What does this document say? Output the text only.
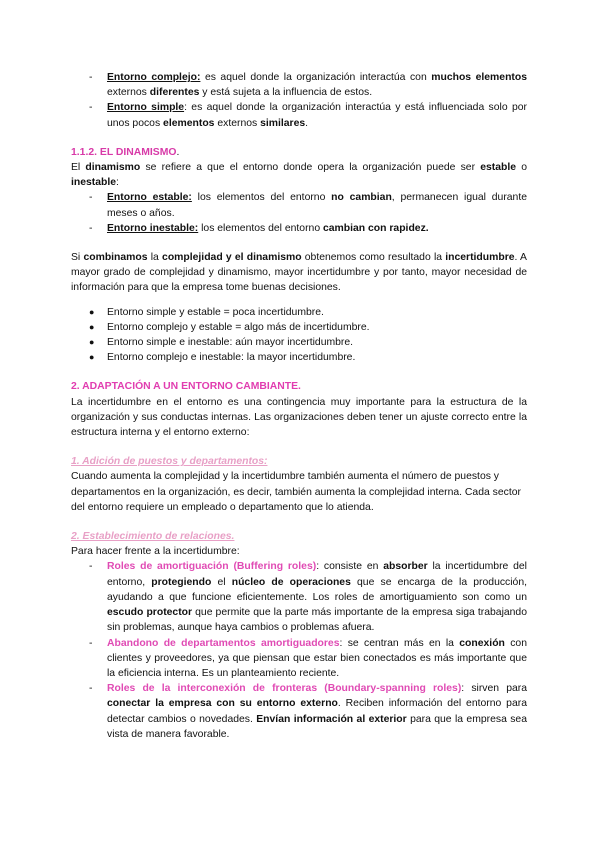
-	Entorno complejo: es aquel donde la organización interactúa con muchos elementos externos diferentes y está sujeta a la influencia de estos.
-	Entorno simple: es aquel donde la organización interactúa y está influenciada solo por unos pocos elementos externos similares.
1.1.2. EL DINAMISMO.
El dinamismo se refiere a que el entorno donde opera la organización puede ser estable o inestable:
-	Entorno estable: los elementos del entorno no cambian, permanecen igual durante meses o años.
-	Entorno inestable: los elementos del entorno cambian con rapidez.
Si combinamos la complejidad y el dinamismo obtenemos como resultado la incertidumbre. A mayor grado de complejidad y dinamismo, mayor incertidumbre y por tanto, mayor necesidad de información para que la empresa tome buenas decisiones.
●	Entorno simple y estable = poca incertidumbre.
●	Entorno complejo y estable = algo más de incertidumbre.
●	Entorno simple e inestable: aún mayor incertidumbre.
●	Entorno complejo e inestable: la mayor incertidumbre.
2. ADAPTACIÓN A UN ENTORNO CAMBIANTE.
La incertidumbre en el entorno es una contingencia muy importante para la estructura de la organización y sus conductas internas. Las organizaciones deben tener un ajuste correcto entre la estructura interna y el entorno externo:
1. Adición de puestos y departamentos:
Cuando aumenta la complejidad y la incertidumbre también aumenta el número de puestos y departamentos en la organización, es decir, también aumenta la complejidad interna. Cada sector del entorno requiere un empleado o departamento que lo atienda.
2. Establecimiento de relaciones.
Para hacer frente a la incertidumbre:
-	Roles de amortiguación (Buffering roles): consiste en absorber la incertidumbre del entorno, protegiendo el núcleo de operaciones que se encarga de la producción, ayudando a que funcione eficientemente. Los roles de amortiguamiento son como un escudo protector que permite que la parte más importante de la empresa siga trabajando sin problemas, aunque haya cambios o problemas afuera.
-	Abandono de departamentos amortiguadores: se centran más en la conexión con clientes y proveedores, ya que piensan que estar bien conectados es más importante que la eficiencia interna. Es un planteamiento reciente.
-	Roles de la interconexión de fronteras (Boundary-spanning roles): sirven para conectar la empresa con su entorno externo. Reciben información del entorno para detectar cambios o novedades. Envían información al exterior para que la empresa sea vista de manera favorable.
